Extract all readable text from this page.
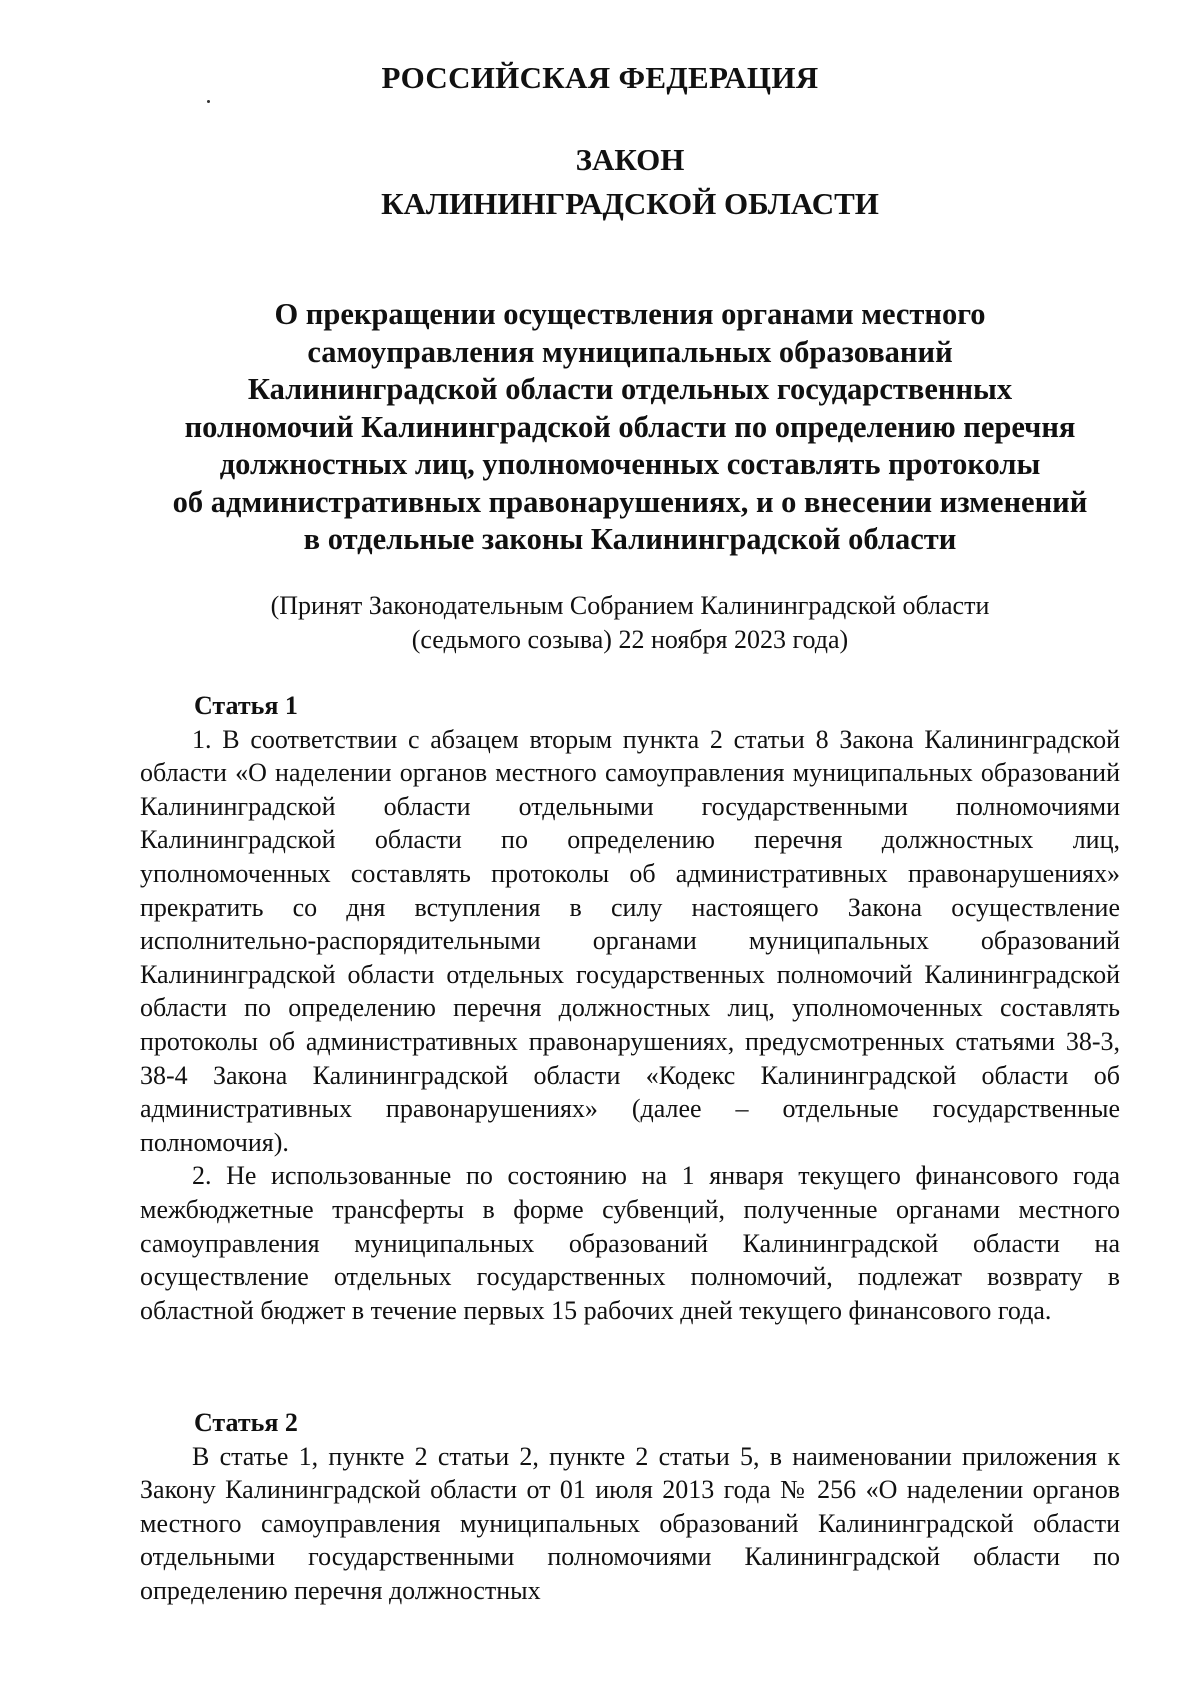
РОССИЙСКАЯ ФЕДЕРАЦИЯ

ЗАКОН

КАЛИНИНГРАДСКОЙ ОБЛАСТИ

О прекращении осуществления органами местного
самоуправления муниципальных образований
Калининградской области отдельных государственных
полномочий Калининградской области по определению перечня
должностных лиц, уполномоченных составлять протоколы
об административных правонарушениях, и о внесении изменений
в отдельные законы Калининградской области
(Принят Законодательным Собранием Калининградской области
(седьмого созыва) 22 ноября 2023 года)

Статья 1

1. В соответствии с абзацем вторым пункта 2 статьи 8 Закона Калининградской области «О наделении органов местного самоуправления муниципальных образований Калининградской области отдельными государственными полномочиями Калининградской области по определению перечня должностных лиц, уполномоченных составлять протоколы об административных правонарушениях» прекратить со дня вступления в силу настоящего Закона осуществление исполнительно-распорядительными органами муниципальных образований Калининградской области отдельных государственных полномочий Калининградской области по определению перечня должностных лиц, уполномоченных составлять протоколы об административных правонарушениях, предусмотренных статьями 38-3, 38-4 Закона Калининградской области «Кодекс Калининградской области об административных правонарушениях» (далее – отдельные государственные полномочия).

2. Не использованные по состоянию на 1 января текущего финансового года межбюджетные трансферты в форме субвенций, полученные органами местного самоуправления муниципальных образований Калининградской области на осуществление отдельных государственных полномочий, подлежат возврату в областной бюджет в течение первых 15 рабочих дней текущего финансового года.

Статья 2

В статье 1, пункте 2 статьи 2, пункте 2 статьи 5, в наименовании приложения к Закону Калининградской области от 01 июля 2013 года № 256 «О наделении органов местного самоуправления муниципальных образований Калининградской области отдельными государственными полномочиями Калининградской области по определению перечня должностных
